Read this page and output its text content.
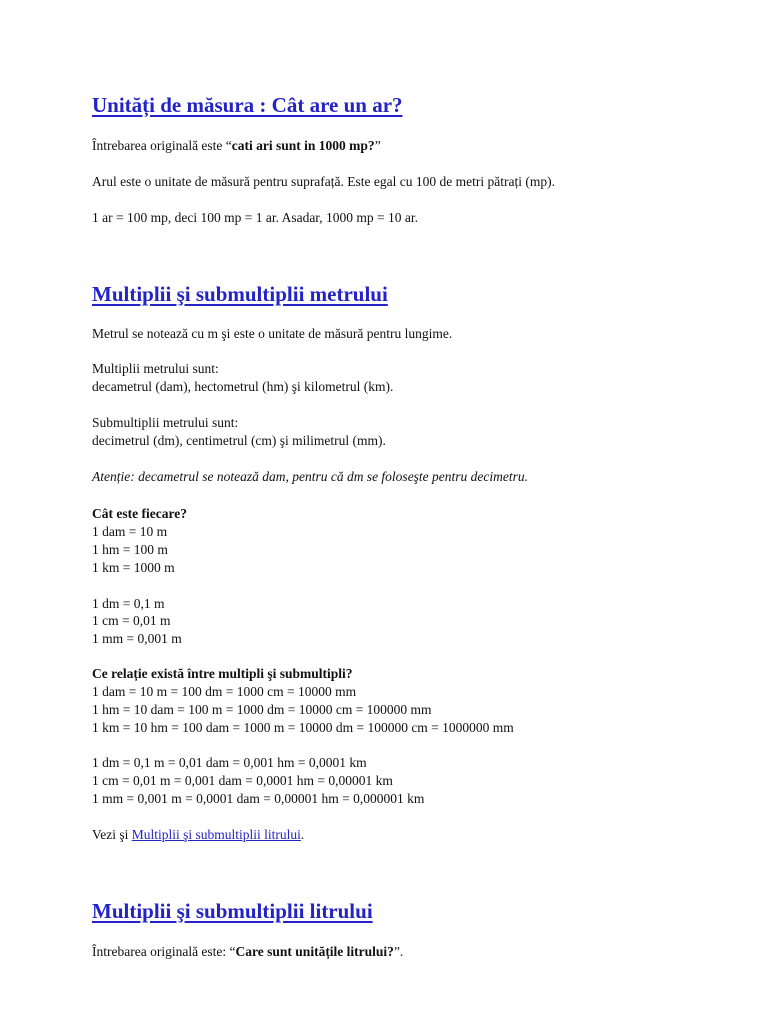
Unități de măsura : Cât are un ar?
Întrebarea originală este “cati ari sunt in 1000 mp?”
Arul este o unitate de măsură pentru suprafață. Este egal cu 100 de metri pătrați (mp).
1 ar = 100 mp, deci 100 mp = 1 ar. Asadar, 1000 mp = 10 ar.
Multiplii şi submultiplii metrului
Metrul se notează cu m şi este o unitate de măsură pentru lungime.
Multiplii metrului sunt:
decametrul (dam), hectometrul (hm) şi kilometrul (km).
Submultiplii metrului sunt:
decimetrul (dm), centimetrul (cm) şi milimetrul (mm).
Atenție: decametrul se notează dam, pentru că dm se foloseşte pentru decimetru.
Cât este fiecare?
1 dam = 10 m
1 hm = 100 m
1 km = 1000 m
1 dm = 0,1 m
1 cm = 0,01 m
1 mm = 0,001 m
Ce relație există între multipli şi submultipli?
1 dam = 10 m = 100 dm = 1000 cm = 10000 mm
1 hm = 10 dam = 100 m = 1000 dm = 10000 cm = 100000 mm
1 km = 10 hm = 100 dam = 1000 m = 10000 dm = 100000 cm = 1000000 mm
1 dm = 0,1 m = 0,01 dam = 0,001 hm = 0,0001 km
1 cm = 0,01 m = 0,001 dam = 0,0001 hm = 0,00001 km
1 mm = 0,001 m = 0,0001 dam = 0,00001 hm = 0,000001 km
Vezi şi Multiplii şi submultiplii litrului.
Multiplii şi submultiplii litrului
Întrebarea originală este: “Care sunt unitățile litrului?”.
